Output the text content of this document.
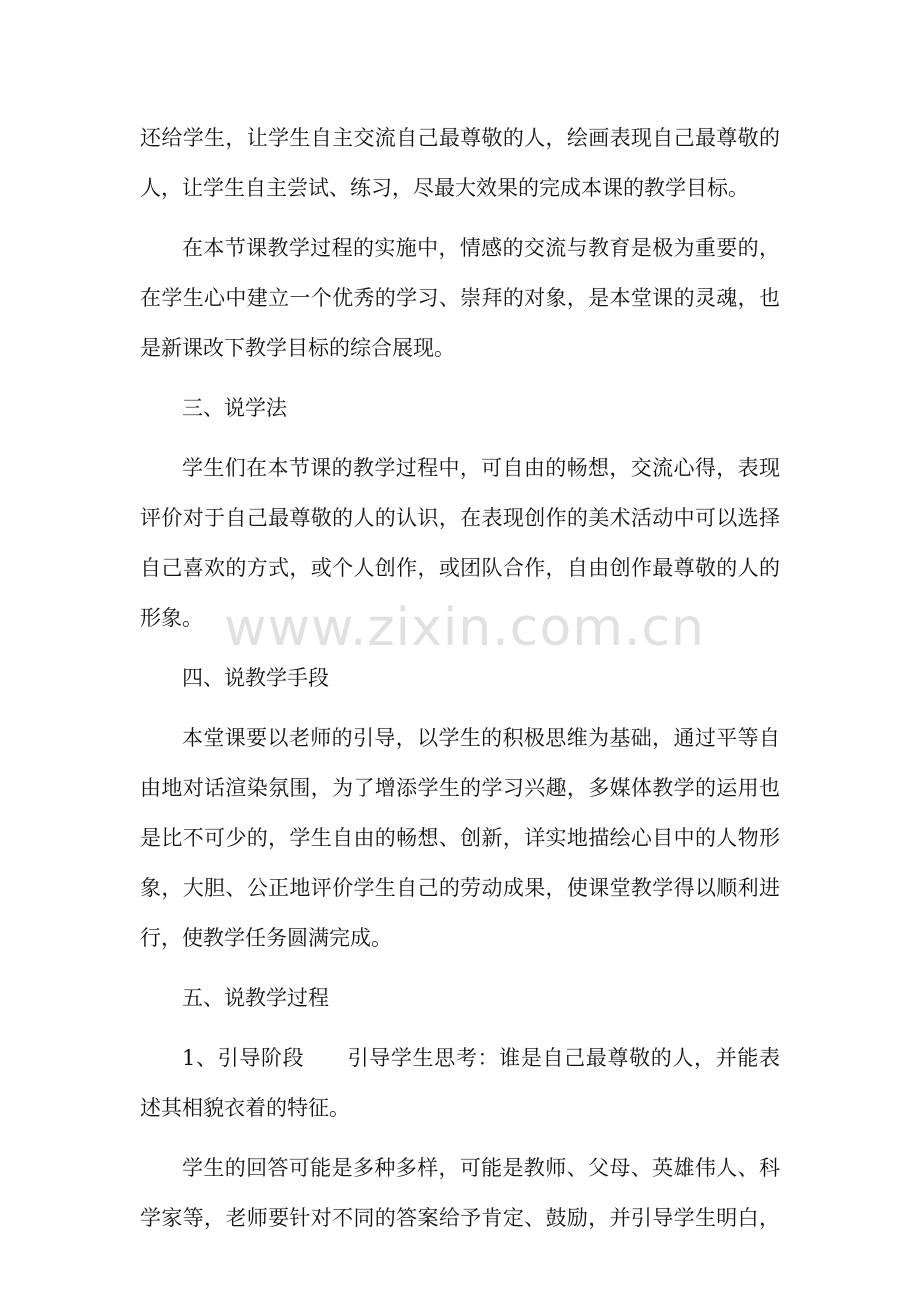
还给学生，让学生自主交流自己最尊敬的人，绘画表现自己最尊敬的
人，让学生自主尝试、练习，尽最大效果的完成本课的教学目标。
在本节课教学过程的实施中，情感的交流与教育是极为重要的，
在学生心中建立一个优秀的学习、崇拜的对象，是本堂课的灵魂，也
是新课改下教学目标的综合展现。
三、说学法
学生们在本节课的教学过程中，可自由的畅想，交流心得，表现
评价对于自己最尊敬的人的认识，在表现创作的美术活动中可以选择
自己喜欢的方式，或个人创作，或团队合作，自由创作最尊敬的人的
形象。
四、说教学手段
本堂课要以老师的引导，以学生的积极思维为基础，通过平等自
由地对话渲染氛围，为了增添学生的学习兴趣，多媒体教学的运用也
是比不可少的，学生自由的畅想、创新，详实地描绘心目中的人物形
象，大胆、公正地评价学生自己的劳动成果，使课堂教学得以顺利进
行，使教学任务圆满完成。
五、说教学过程
1、引导阶段　　引导学生思考：谁是自己最尊敬的人，并能表
述其相貌衣着的特征。
学生的回答可能是多种多样，可能是教师、父母、英雄伟人、科
学家等，老师要针对不同的答案给予肯定、鼓励，并引导学生明白，
www.zixin.com.cn
